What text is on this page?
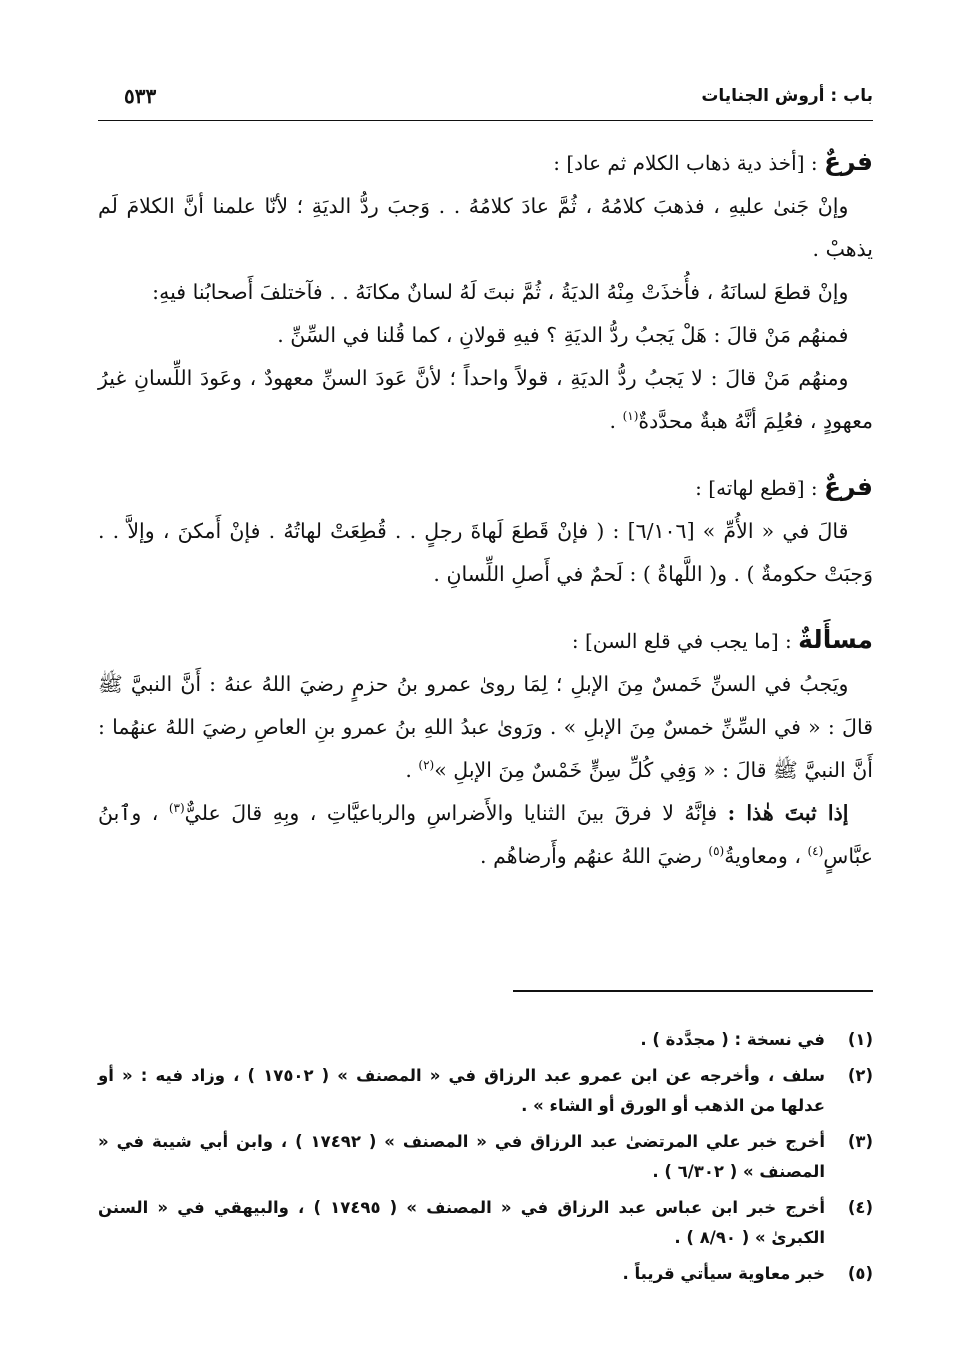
باب : أروش الجنايات
٥٣٣
فرعٌ : [أخذ دية ذهاب الكلام ثم عاد] :

وإنْ جَنىٰ عليهِ ، فذهبَ كلامُهُ ، ثُمَّ عادَ كلامُهُ . . وَجبَ ردُّ الديَةِ ؛ لأنّا علمنا أنَّ الكلامَ لَم يذهبْ .

وإنْ قطعَ لسانَهُ ، فأُخذَتْ مِنْهُ الديَةُ ، ثُمَّ نبتَ لَهُ لسانٌ مكانَهُ . . فآختلفَ أَصحابُنا فيهِ:

فمنهُم مَنْ قالَ : هَلْ يَجبُ ردُّ الديَةِ ؟ فيهِ قولانِ ، كما قُلنا في السِّنِّ .

ومنهُم مَنْ قالَ : لا يَجبُ ردُّ الديَةِ ، قولاً واحداً ؛ لأنَّ عَودَ السنِّ معهودٌ ، وعَودَ اللِّسانِ غيرُ معهودٍ ، فعُلِمَ أنَّهُ هبةٌ محدَّدةٌ$^{(١)}$ .

فرعٌ : [قطع لهاته] :

قالَ في « الأُمِّ » [٦/١٠٦] : ( فإنْ قَطعَ لَهاةَ رجلٍ . . قُطِعَتْ لهاتُهُ . فإنْ أَمكنَ ، وإلاَّ . . وَجبَتْ حكومةٌ ) . و( اللَّهاةُ ) : لَحمٌ في أَصلِ اللِّسانِ .

مسأَلةٌ : [ما يجب في قلع السن] :

ويَجبُ في السنِّ خَمسٌ مِنَ الإبلِ ؛ لِمَا روىٰ عمرو بنُ حزمٍ رضيَ اللهُ عنهُ : أَنَّ النبيَّ ﷺ قالَ : « في السِّنِّ خمسٌ مِنَ الإبلِ » . ورَوىٰ عبدُ اللهِ بنُ عمرو بنِ العاصِ رضيَ اللهُ عنهُما : أَنَّ النبيَّ ﷺ قالَ : « وَفِي كُلِّ سِنٍّ خَمْسٌ مِنَ الإبلِ »$^{(٢)}$ .

إذا ثبتَ هٰذا : فإنَّهُ لا فرقَ بينَ الثنايا والأَضراسِ والرباعيَّاتِ ، وبِهِ قالَ عليٌّ$^{(٣)}$ ، وٱبنُ عبَّاسٍ$^{(٤)}$ ، ومعاويةُ$^{(٥)}$ رضيَ اللهُ عنهُم وأَرضاهُم .

(١)
في نسخة : ( مجدَّدة ) .
(٢)
سلف ، وأخرجه عن ابن عمرو عبد الرزاق في « المصنف » ( ١٧٥٠٢ ) ، وزاد فيه : « أو عدلها من الذهب أو الورق أو الشاء » .
(٣)
أخرج خبر علي المرتضىٰ عبد الرزاق في « المصنف » ( ١٧٤٩٢ ) ، وابن أبي شيبة في « المصنف » ( ٦/٣٠٢ ) .
(٤)
أخرج خبر ابن عباس عبد الرزاق في « المصنف » ( ١٧٤٩٥ ) ، والبيهقي في « السنن الكبرىٰ » ( ٨/٩٠ ) .
(٥)
خبر معاوية سيأتي قريباً .
